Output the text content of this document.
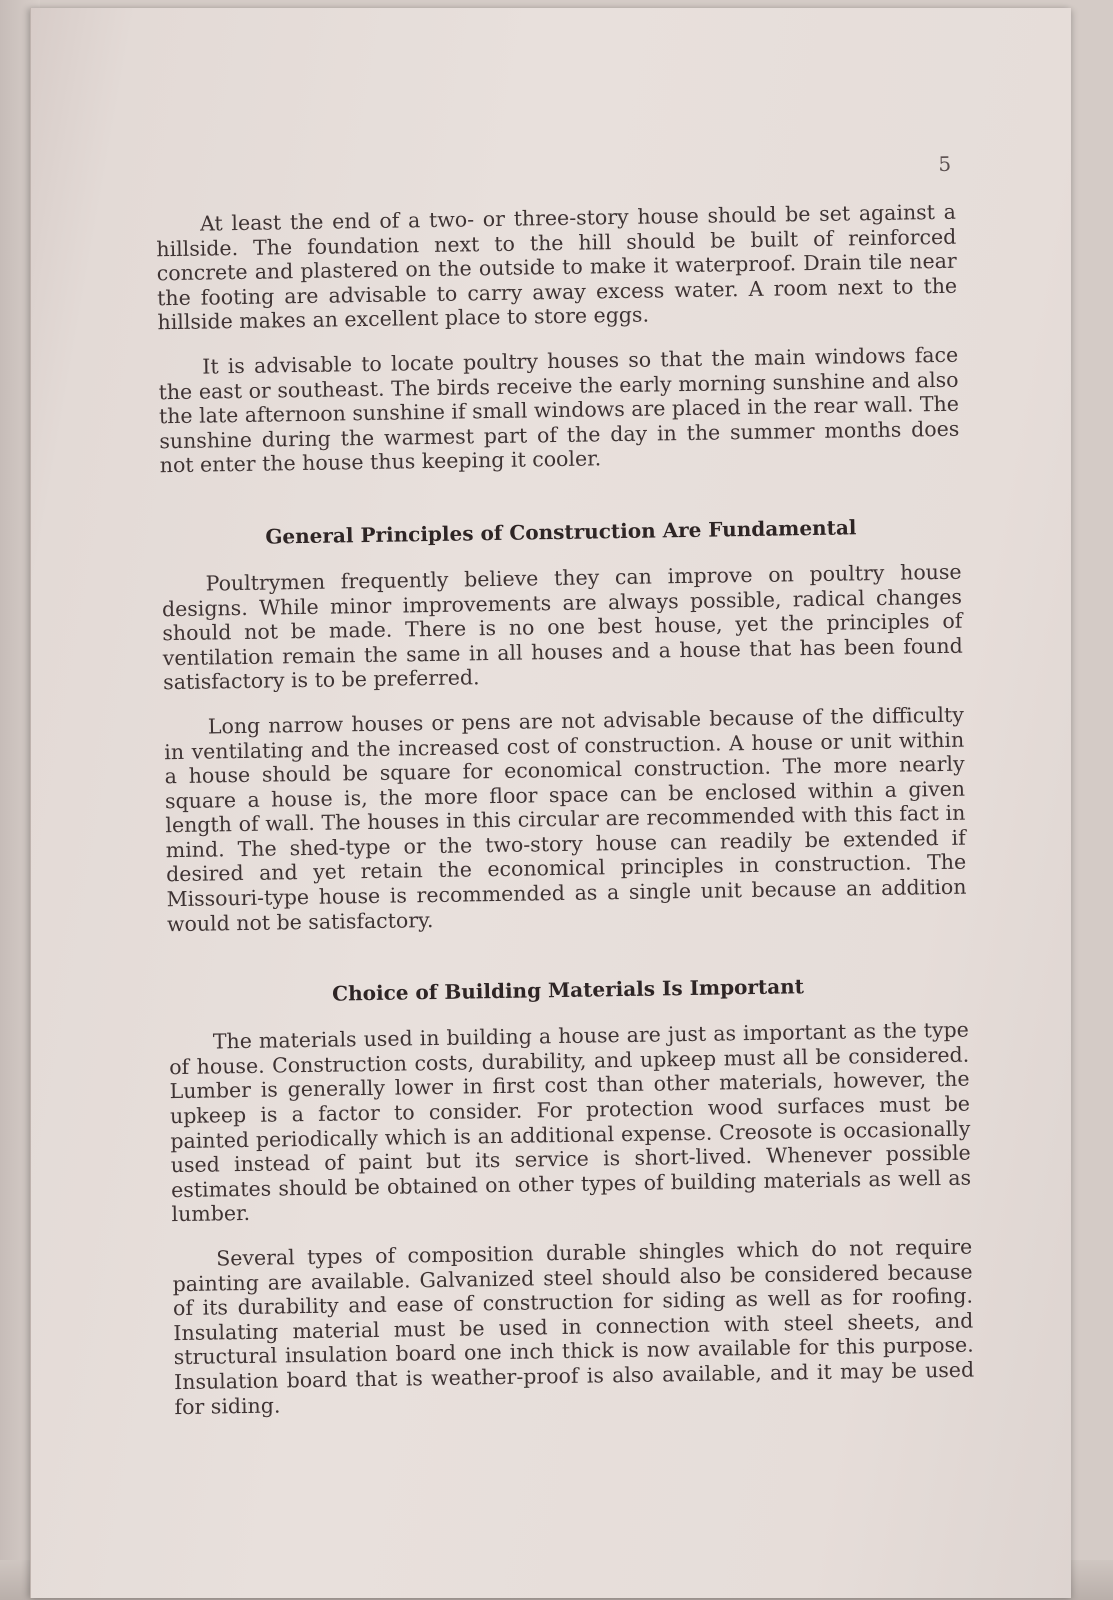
5

At least the end of a two- or three-story house should be set against a hillside. The foundation next to the hill should be built of reinforced concrete and plastered on the outside to make it waterproof. Drain tile near the footing are advisable to carry away excess water. A room next to the hillside makes an excellent place to store eggs.

It is advisable to locate poultry houses so that the main windows face the east or southeast. The birds receive the early morning sunshine and also the late afternoon sunshine if small windows are placed in the rear wall. The sunshine during the warmest part of the day in the summer months does not enter the house thus keeping it cooler.

General Principles of Construction Are Fundamental

Poultrymen frequently believe they can improve on poultry house designs. While minor improvements are always possible, radical changes should not be made. There is no one best house, yet the principles of ventilation remain the same in all houses and a house that has been found satisfactory is to be preferred.

Long narrow houses or pens are not advisable because of the difficulty in ventilating and the increased cost of construction. A house or unit within a house should be square for economical construction. The more nearly square a house is, the more floor space can be enclosed within a given length of wall. The houses in this circular are recommended with this fact in mind. The shed-type or the two-story house can readily be extended if desired and yet retain the economical principles in construction. The Missouri-type house is recommended as a single unit because an addition would not be satisfactory.

Choice of Building Materials Is Important

The materials used in building a house are just as important as the type of house. Construction costs, durability, and upkeep must all be considered. Lumber is generally lower in first cost than other materials, however, the upkeep is a factor to consider. For protection wood surfaces must be painted periodically which is an additional expense. Creosote is occasionally used instead of paint but its service is short-lived. Whenever possible estimates should be obtained on other types of building materials as well as lumber.

Several types of composition durable shingles which do not require painting are available. Galvanized steel should also be considered because of its durability and ease of construction for siding as well as for roofing. Insulating material must be used in connection with steel sheets, and structural insulation board one inch thick is now available for this purpose. Insulation board that is weather-proof is also available, and it may be used for siding.
